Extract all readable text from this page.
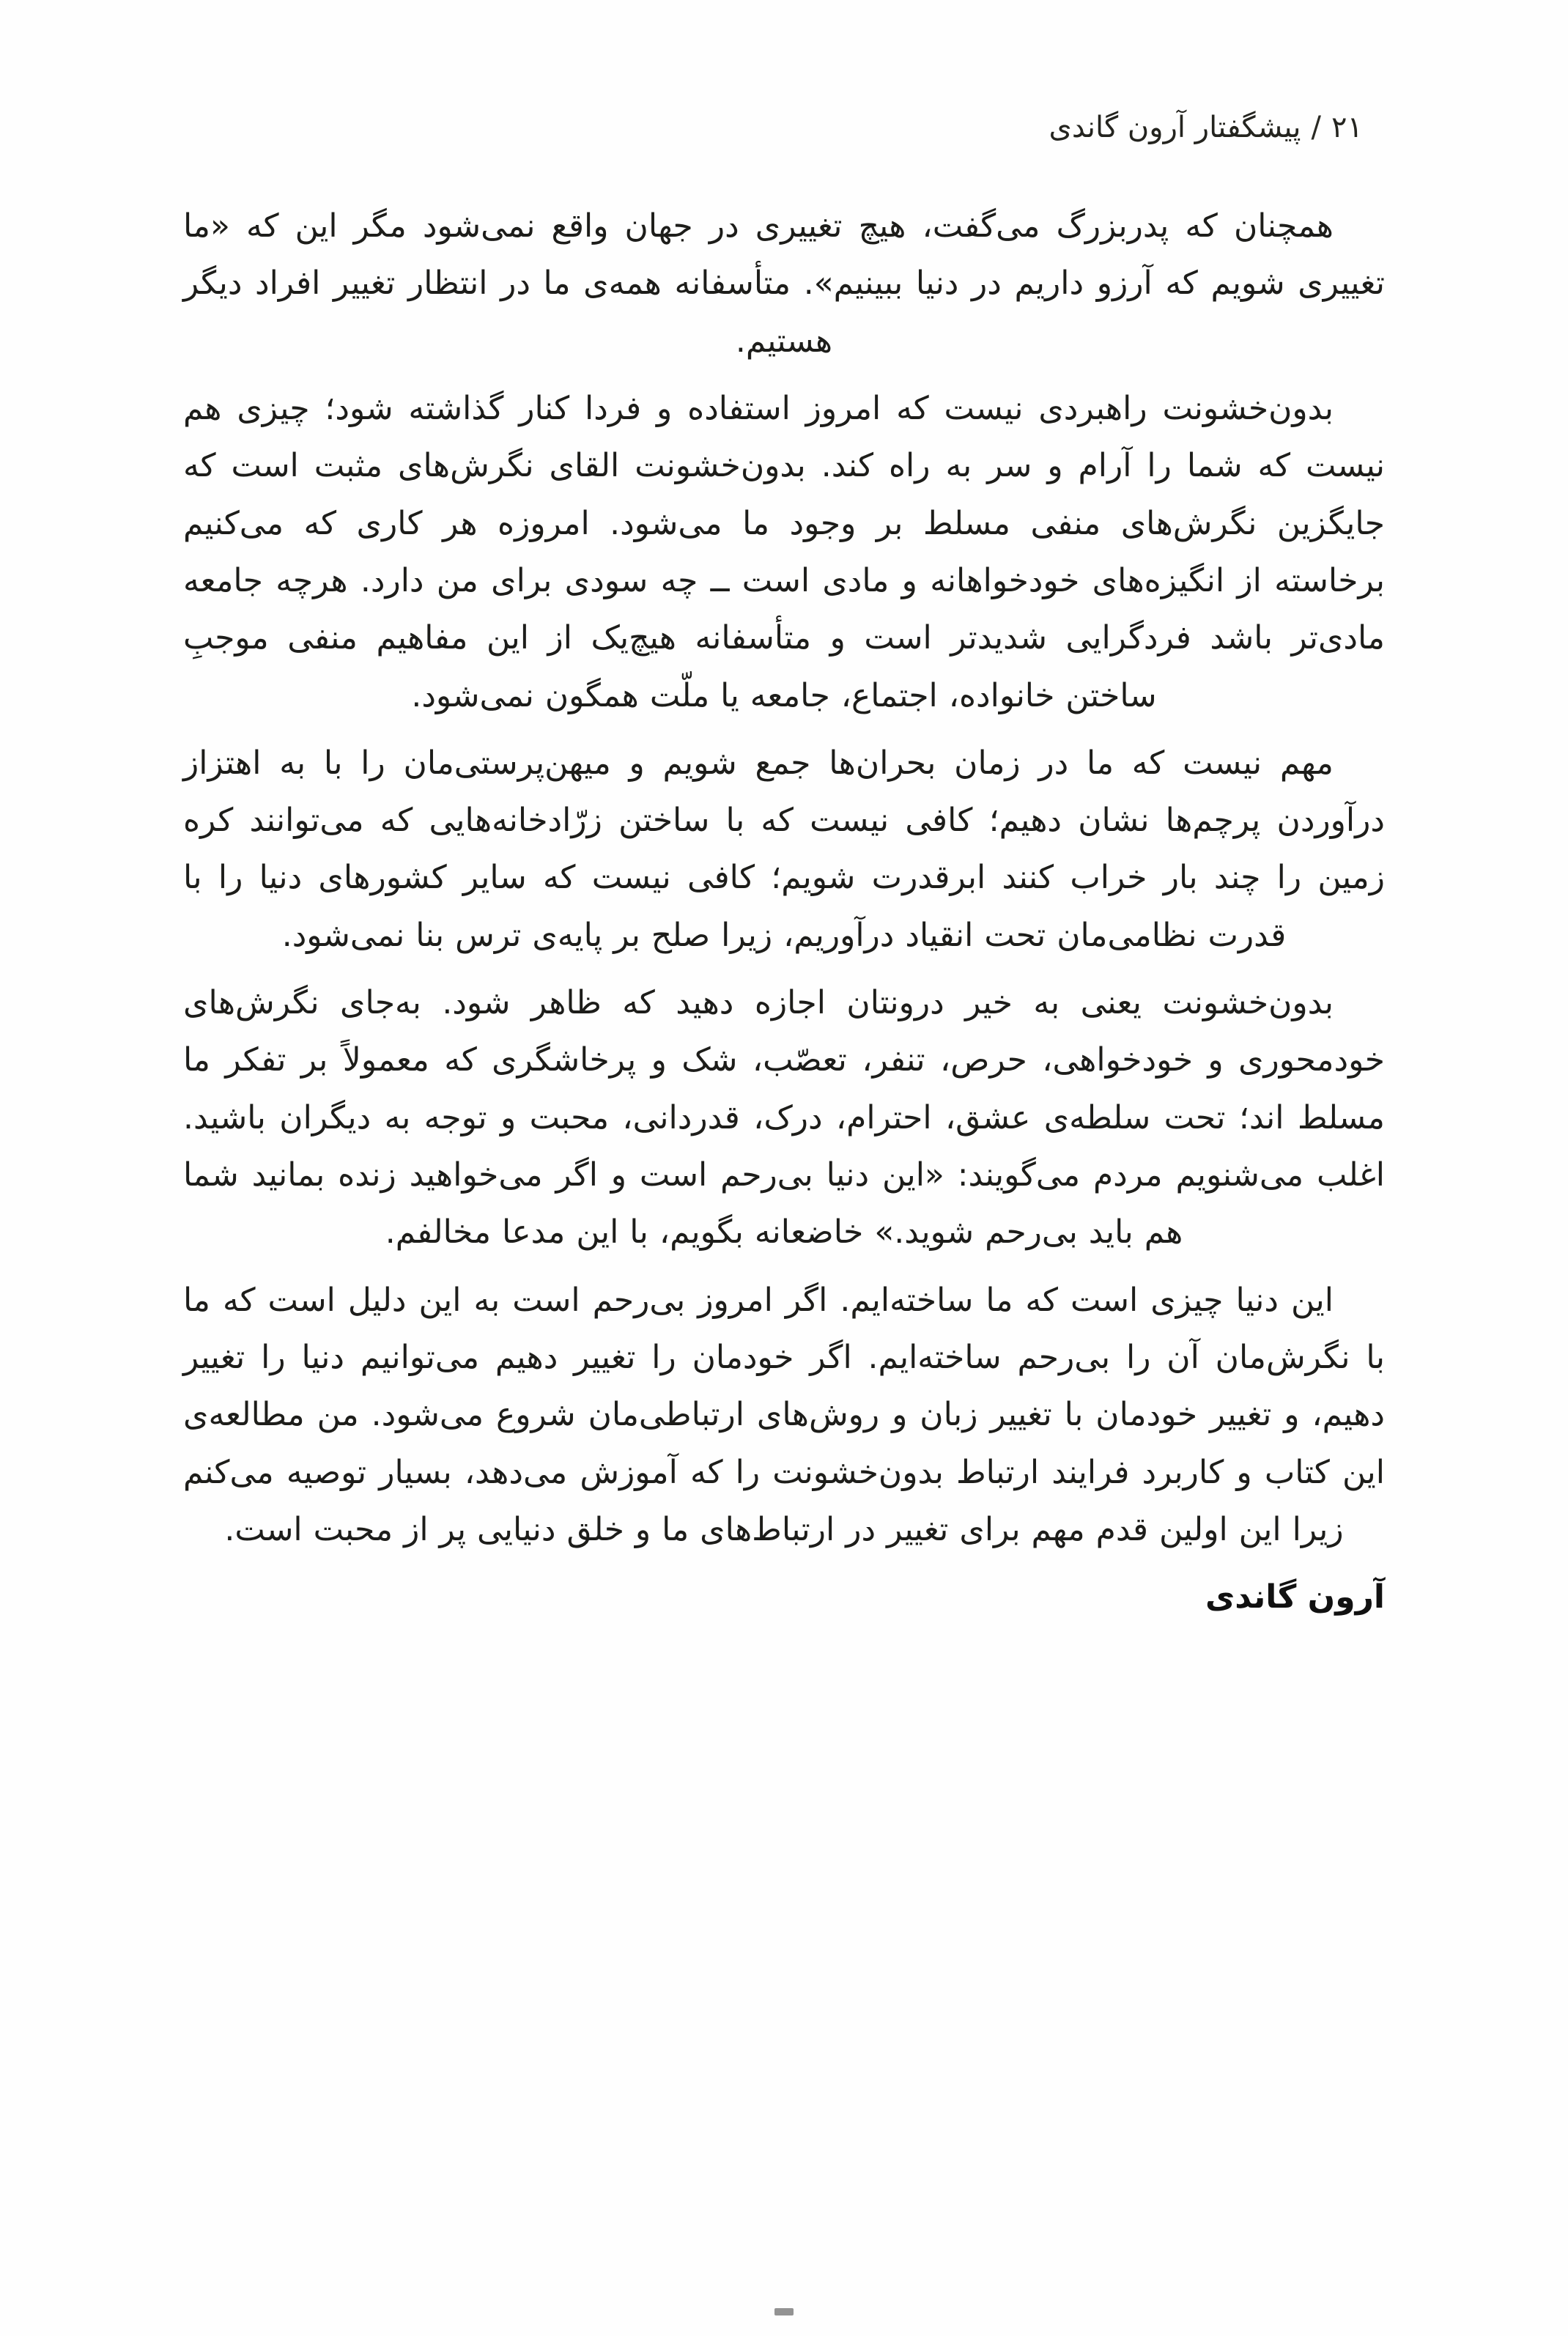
۲۱/پیشگفتار آرون گاندی

همچنان که پدربزرگ می‌گفت، هیچ تغییری در جهان واقع نمی‌شود مگر این که «ما تغییری شویم که آرزو داریم در دنیا ببینیم». متأسفانه همه‌ی ما در انتظار تغییر افراد دیگر هستیم.

بدون‌خشونت راهبردی نیست که امروز استفاده و فردا کنار گذاشته شود؛ چیزی هم نیست که شما را آرام و سر به راه کند. بدون‌خشونت القای نگرش‌های مثبت است که جایگزین نگرش‌های منفی مسلط بر وجود ما می‌شود. امروزه هر کاری که می‌کنیم برخاسته از انگیزه‌های خودخواهانه و مادی است ــ چه سودی برای من دارد. هرچه جامعه مادی‌تر باشد فردگرایی شدیدتر است و متأسفانه هیچ‌یک از این مفاهیم منفی موجبِ ساختن خانواده، اجتماع، جامعه یا ملّت همگون نمی‌شود.

مهم نیست که ما در زمان بحران‌ها جمع شویم و میهن‌پرستی‌مان را با به اهتزاز درآوردن پرچم‌ها نشان دهیم؛ کافی نیست که با ساختن زرّادخانه‌هایی که می‌توانند کره زمین را چند بار خراب کنند ابرقدرت شویم؛ کافی نیست که سایر کشورهای دنیا را با قدرت نظامی‌مان تحت انقیاد درآوریم، زیرا صلح بر پایه‌ی ترس بنا نمی‌شود.

بدون‌خشونت یعنی به خیر درونتان اجازه دهید که ظاهر شود. به‌جای نگرش‌های خودمحوری و خودخواهی، حرص، تنفر، تعصّب، شک و پرخاشگری که معمولاً بر تفکر ما مسلط اند؛ تحت سلطه‌ی عشق، احترام، درک، قدردانی، محبت و توجه به دیگران باشید. اغلب می‌شنویم مردم می‌گویند: «این دنیا بی‌رحم است و اگر می‌خواهید زنده بمانید شما هم باید بی‌رحم شوید.» خاضعانه بگویم، با این مدعا مخالفم.

این دنیا چیزی است که ما ساخته‌ایم. اگر امروز بی‌رحم است به این دلیل است که ما با نگرش‌مان آن را بی‌رحم ساخته‌ایم. اگر خودمان را تغییر دهیم می‌توانیم دنیا را تغییر دهیم، و تغییر خودمان با تغییر زبان و روش‌های ارتباطی‌مان شروع می‌شود. من مطالعه‌ی این کتاب و کاربرد فرایند ارتباط بدون‌خشونت را که آموزش می‌دهد، بسیار توصیه می‌کنم زیرا این اولین قدم مهم برای تغییر در ارتباط‌های ما و خلق دنیایی پر از محبت است.

آرون گاندی
